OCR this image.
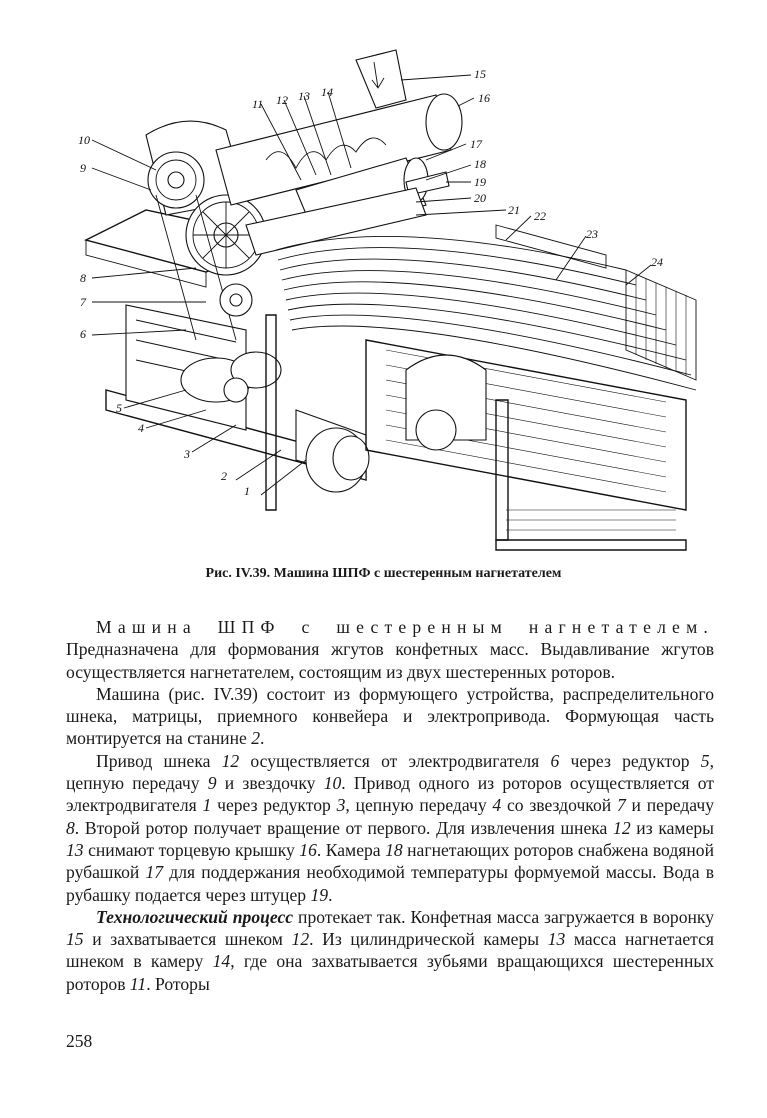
1
2
3
4
5
6
7
8
9
10
11 12 13 14
15
16
17
18
19
20
21 22
23
24
Рис. IV.39. Машина ШПФ с шестеренным нагнетателем

Машина ШПФ с шестеренным нагнетателем. Предназначена для формования жгутов конфетных масс. Выдавливание жгутов осуществляется нагнетателем, состоящим из двух шестеренных роторов.

Машина (рис. IV.39) состоит из формующего устройства, распределительного шнека, матрицы, приемного конвейера и электропривода. Формующая часть монтируется на станине 2.

Привод шнека 12 осуществляется от электродвигателя 6 через редуктор 5, цепную передачу 9 и звездочку 10. Привод одного из роторов осуществляется от электродвигателя 1 через редуктор 3, цепную передачу 4 со звездочкой 7 и передачу 8. Второй ротор получает вращение от первого. Для извлечения шнека 12 из камеры 13 снимают торцевую крышку 16. Камера 18 нагнетающих роторов снабжена водяной рубашкой 17 для поддержания необходимой температуры формуемой массы. Вода в рубашку подается через штуцер 19.

Технологический процесс протекает так. Конфетная масса загружается в воронку 15 и захватывается шнеком 12. Из цилиндрической камеры 13 масса нагнетается шнеком в камеру 14, где она захватывается зубьями вращающихся шестеренных роторов 11. Роторы

258
